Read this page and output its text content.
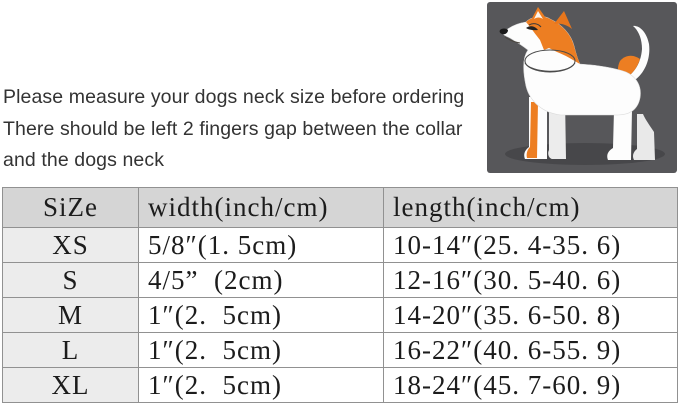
Please measure your dogs neck size before ordering
There should be left 2 fingers gap between the collar
and the dogs neck
SiZe	width(inch/cm)	length(inch/cm)
XS	5/8″(1. 5cm)	10-14″(25. 4-35. 6)
S	4/5”  (2cm)	12-16″(30. 5-40. 6)
M	1″(2.  5cm)	14-20″(35. 6-50. 8)
L	1″(2.  5cm)	16-22″(40. 6-55. 9)
XL	1″(2.  5cm)	18-24″(45. 7-60. 9)
